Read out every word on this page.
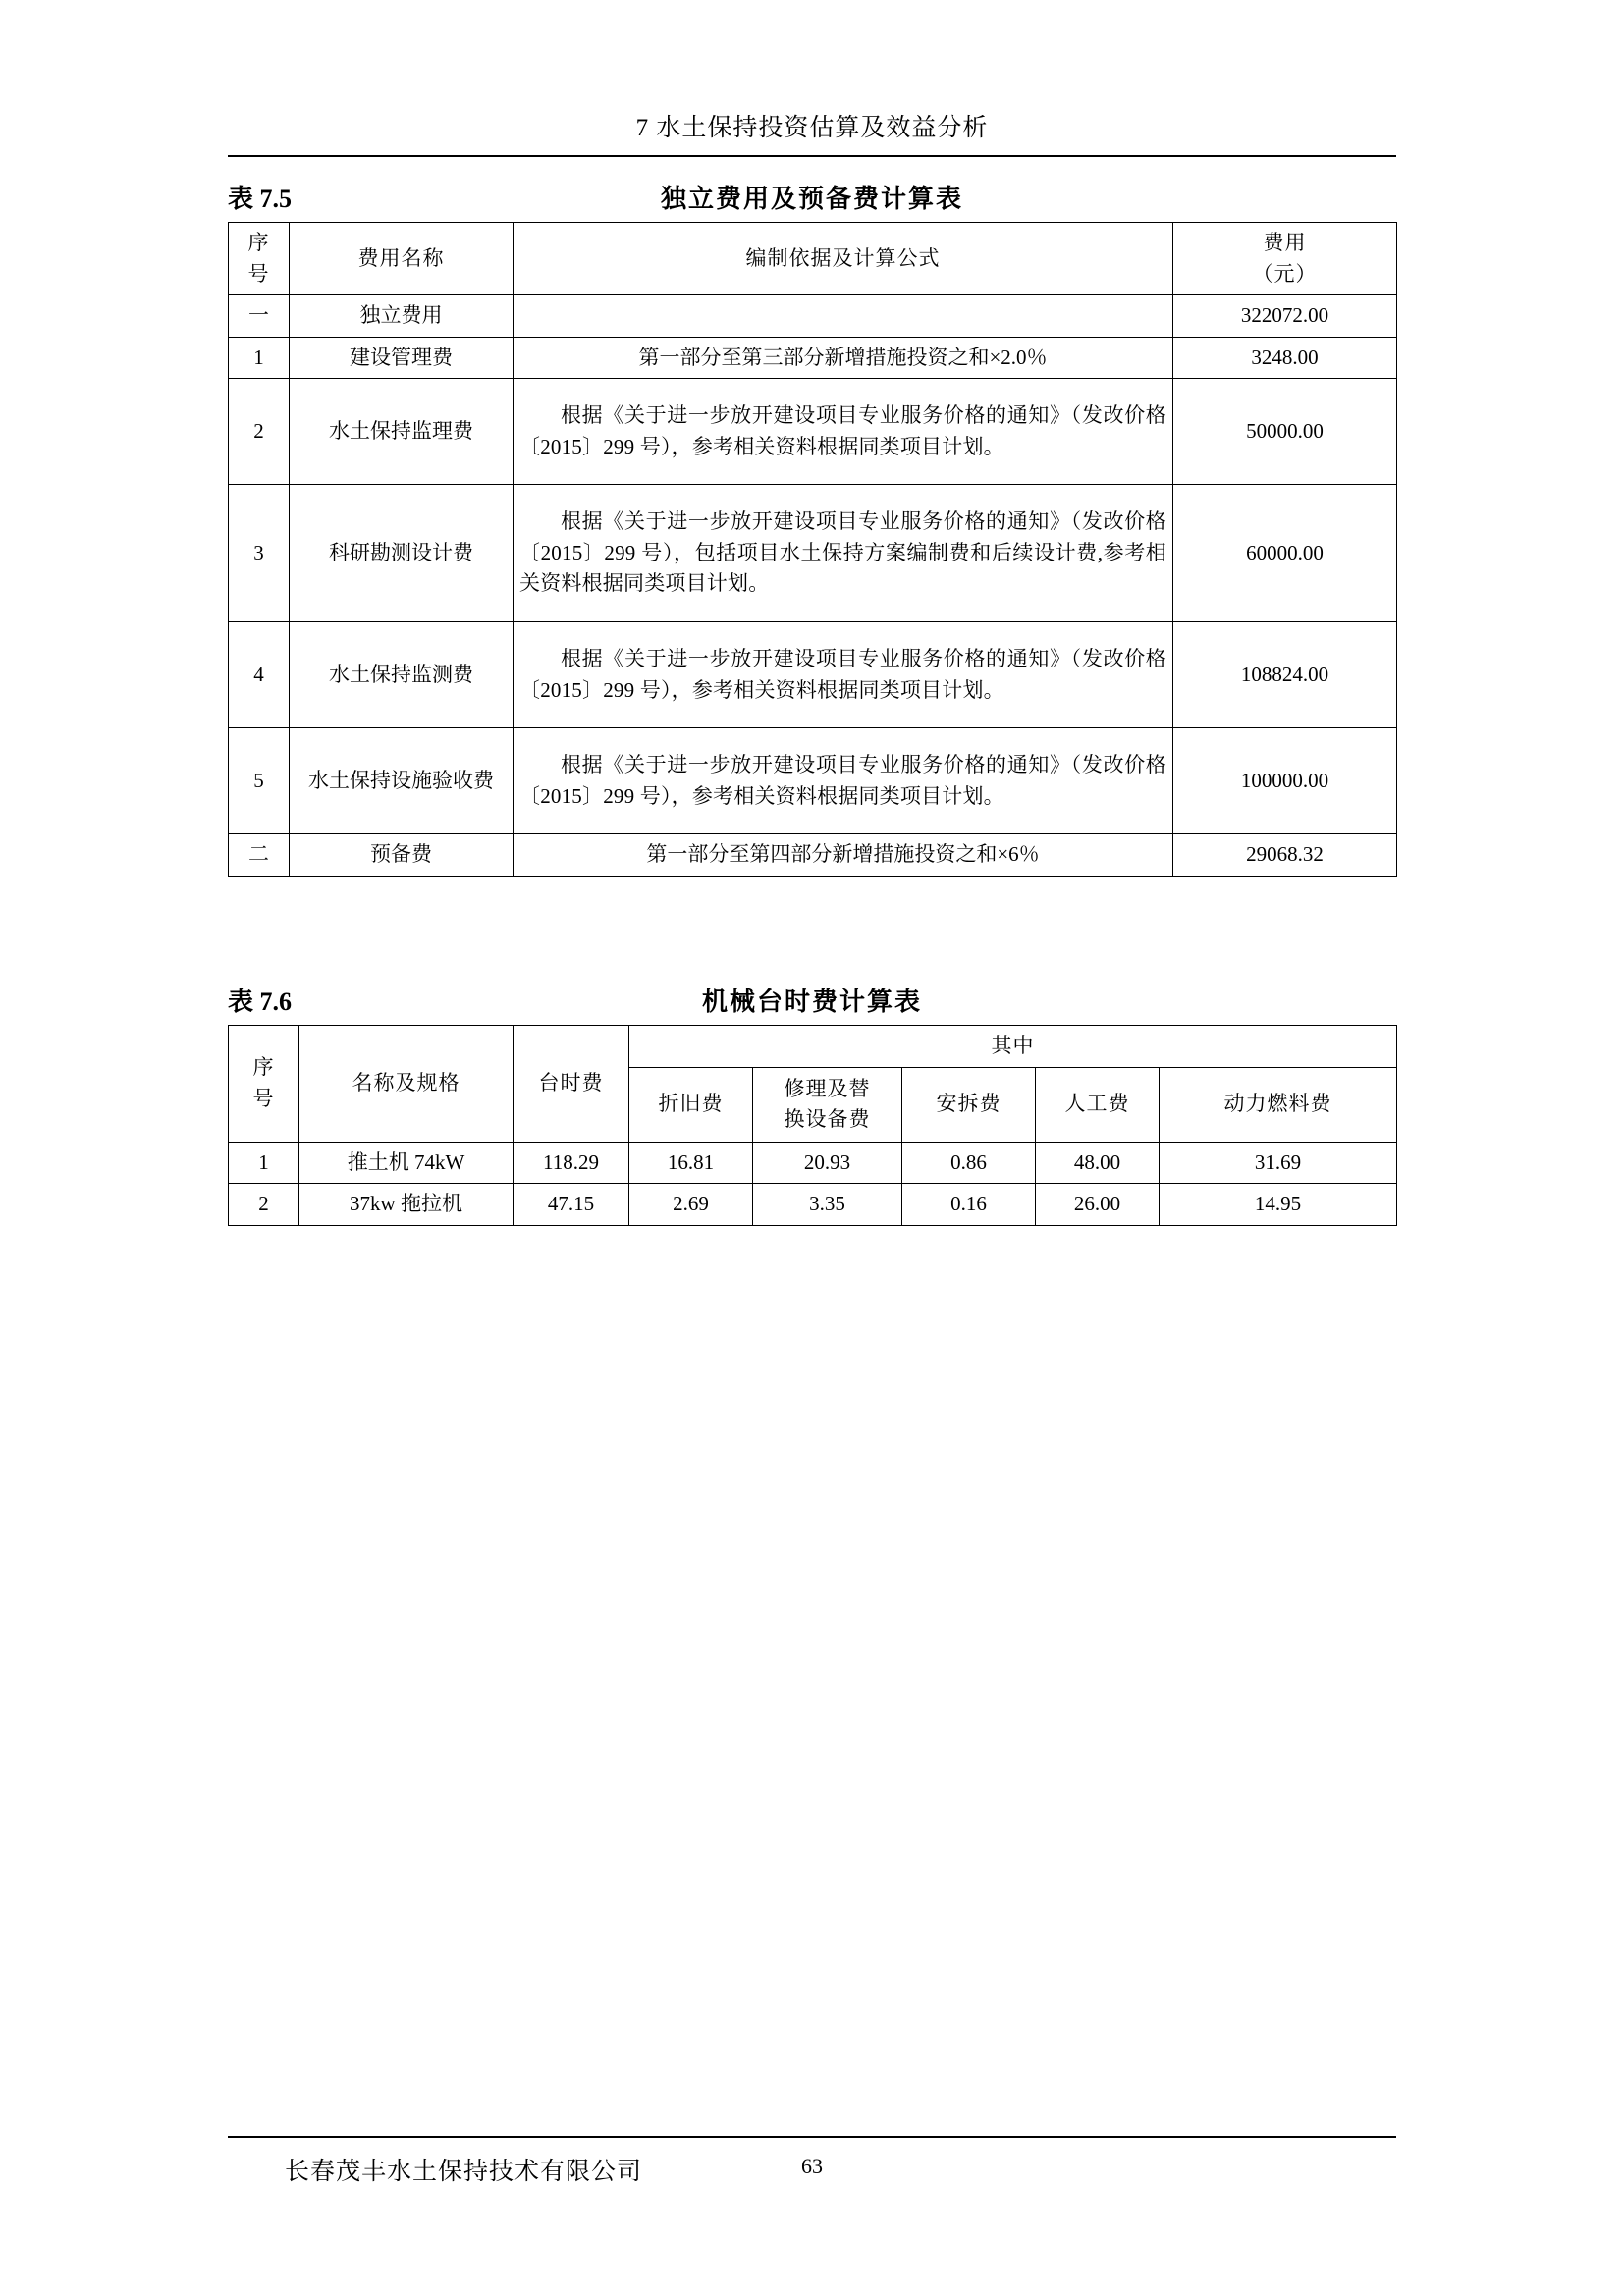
7 水土保持投资估算及效益分析
表 7.5	独立费用及预备费计算表
序
号	费用名称	编制依据及计算公式	费用
（元）
一	独立费用		322072.00
1	建设管理费	第一部分至第三部分新增措施投资之和×2.0％	3248.00
2	水土保持监理费	根据《关于进一步放开建设项目专业服务价格的通知》（发改价格〔2015〕299 号），参考相关资料根据同类项目计划。	50000.00
3	科研勘测设计费	根据《关于进一步放开建设项目专业服务价格的通知》（发改价格〔2015〕299 号），包括项目水土保持方案编制费和后续设计费,参考相关资料根据同类项目计划。	60000.00
4	水土保持监测费	根据《关于进一步放开建设项目专业服务价格的通知》（发改价格〔2015〕299 号），参考相关资料根据同类项目计划。	108824.00
5	水土保持设施验收费	根据《关于进一步放开建设项目专业服务价格的通知》（发改价格〔2015〕299 号），参考相关资料根据同类项目计划。	100000.00
二	预备费	第一部分至第四部分新增措施投资之和×6％	29068.32
表 7.6	机械台时费计算表
序
号	名称及规格	台时费	其中				
			折旧费	修理及替
换设备费	安拆费	人工费	动力燃料费
1	推土机 74kW	118.29	16.81	20.93	0.86	48.00	31.69
2	37kw 拖拉机	47.15	2.69	3.35	0.16	26.00	14.95
长春茂丰水土保持技术有限公司	63
